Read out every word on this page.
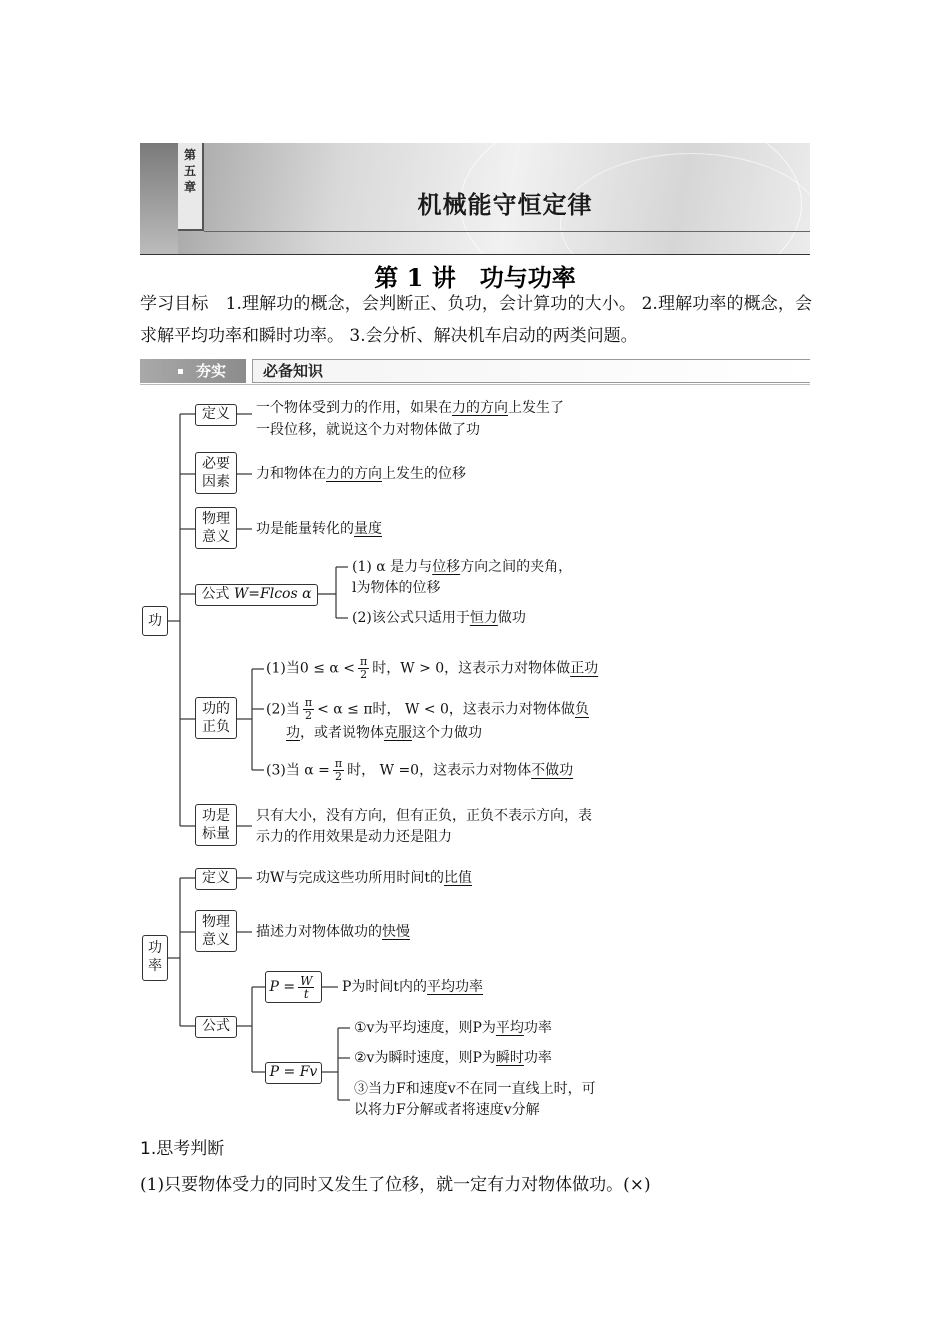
第
五
章
机械能守恒定律
第 1 讲　功与功率
学习目标　1.理解功的概念，会判断正、负功，会计算功的大小。 2.理解功率的概念，会求解平均功率和瞬时功率。 3.会分析、解决机车启动的两类问题。
夯实 必备知识
功
定义	一个物体受到力的作用，如果在力的方向上发生了
一段位移，就说这个力对物体做了功
必要
因素	力和物体在力的方向上发生的位移
物理
意义	功是能量转化的量度
公式 W=Flcos α
(1) α 是力与位移方向之间的夹角，
l为物体的位移
(2)该公式只适用于恒力做功
功的
正负
(1)当$0 \le \alpha < \frac{\pi}{2}$ 时，W > 0，这表示力对物体做正功
(2)当 $\frac{\pi}{2} < \alpha \le \pi$时， W < 0，这表示力对物体做负
功，或者说物体克服这个力做功
(3)当 $\alpha = \frac{\pi}{2}$ 时， W =0，这表示力对物体不做功
功是
标量
只有大小，没有方向，但有正负，正负不表示方向，表
示力的作用效果是动力还是阻力
功
率
定义	功W与完成这些功所用时间t的比值
物理
意义	描述力对物体做功的快慢
公式
$P = \frac{W}{t}$ P为时间t内的平均功率
P = Fv
①v为平均速度，则P为平均功率
②v为瞬时速度，则P为瞬时功率
③当力F和速度v不在同一直线上时，可
以将力F分解或者将速度v分解
1.思考判断
(1)只要物体受力的同时又发生了位移，就一定有力对物体做功。(×)
